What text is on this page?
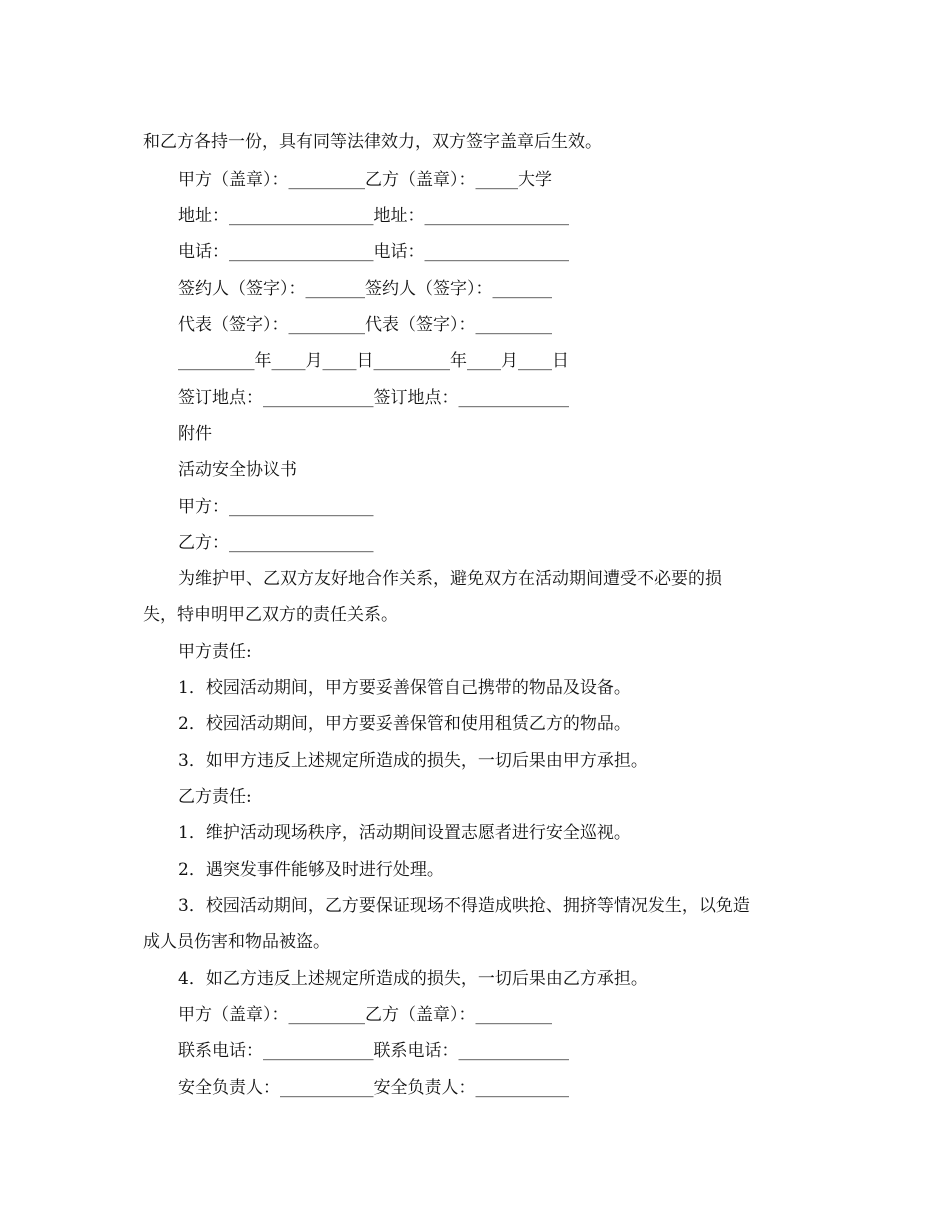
和乙方各持一份，具有同等法律效力，双方签字盖章后生效。
甲方（盖章）：_________乙方（盖章）：_____大学
地址：_________________地址：_________________
电话：_________________电话：_________________
签约人（签字）：_______签约人（签字）：_______
代表（签字）：_________代表（签字）：_________
_________年____月____日_________年____月____日
签订地点：_____________签订地点：_____________
附件
活动安全协议书
甲方：_________________
乙方：_________________
为维护甲、乙双方友好地合作关系，避免双方在活动期间遭受不必要的损
失，特申明甲乙双方的责任关系。
甲方责任:
1．校园活动期间，甲方要妥善保管自己携带的物品及设备。
2．校园活动期间，甲方要妥善保管和使用租赁乙方的物品。
3．如甲方违反上述规定所造成的损失，一切后果由甲方承担。
乙方责任:
1．维护活动现场秩序，活动期间设置志愿者进行安全巡视。
2．遇突发事件能够及时进行处理。
3．校园活动期间，乙方要保证现场不得造成哄抢、拥挤等情况发生，以免造
成人员伤害和物品被盗。
4．如乙方违反上述规定所造成的损失，一切后果由乙方承担。
甲方（盖章）：_________乙方（盖章）：_________
联系电话：_____________联系电话：_____________
安全负责人：___________安全负责人：___________
